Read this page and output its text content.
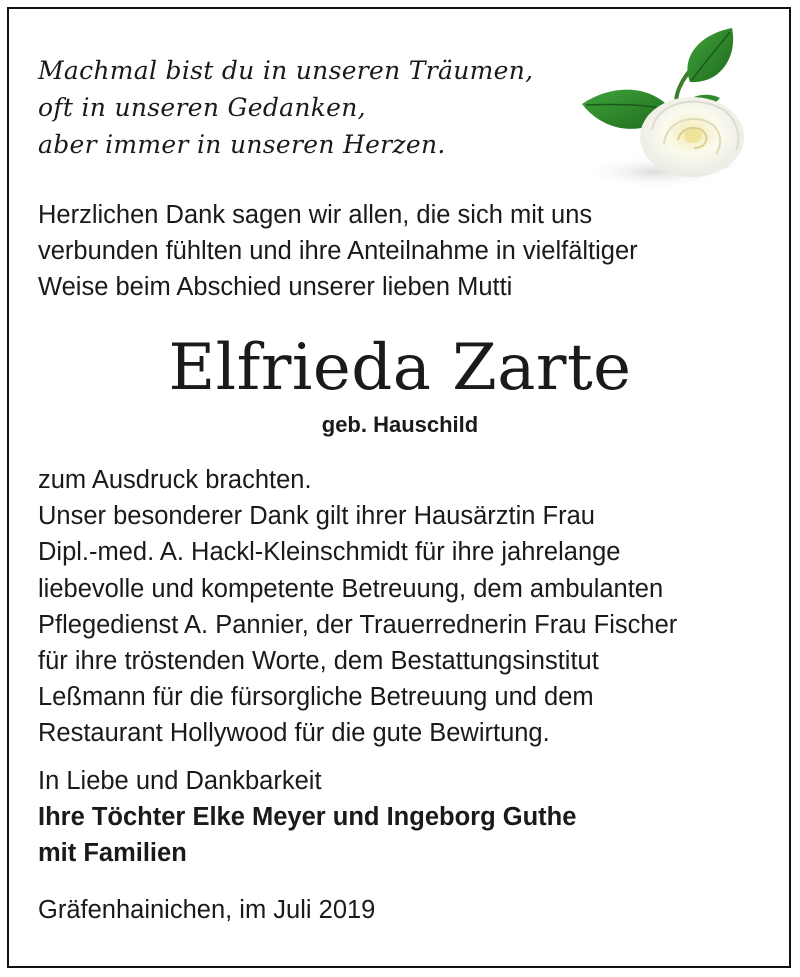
Machmal bist du in unseren Träumen,
oft in unseren Gedanken,
aber immer in unseren Herzen.
Herzlichen Dank sagen wir allen, die sich mit uns
verbunden fühlten und ihre Anteilnahme in vielfältiger
Weise beim Abschied unserer lieben Mutti
Elfrieda Zarte
geb. Hauschild
zum Ausdruck brachten.
Unser besonderer Dank gilt ihrer Hausärztin Frau
Dipl.-med. A. Hackl-Kleinschmidt für ihre jahrelange
liebevolle und kompetente Betreuung, dem ambulanten
Pflegedienst A. Pannier, der Trauerrednerin Frau Fischer
für ihre tröstenden Worte, dem Bestattungsinstitut
Leßmann für die fürsorgliche Betreuung und dem
Restaurant Hollywood für die gute Bewirtung.
In Liebe und Dankbarkeit
Ihre Töchter Elke Meyer und Ingeborg Guthe
mit Familien
Gräfenhainichen, im Juli 2019
